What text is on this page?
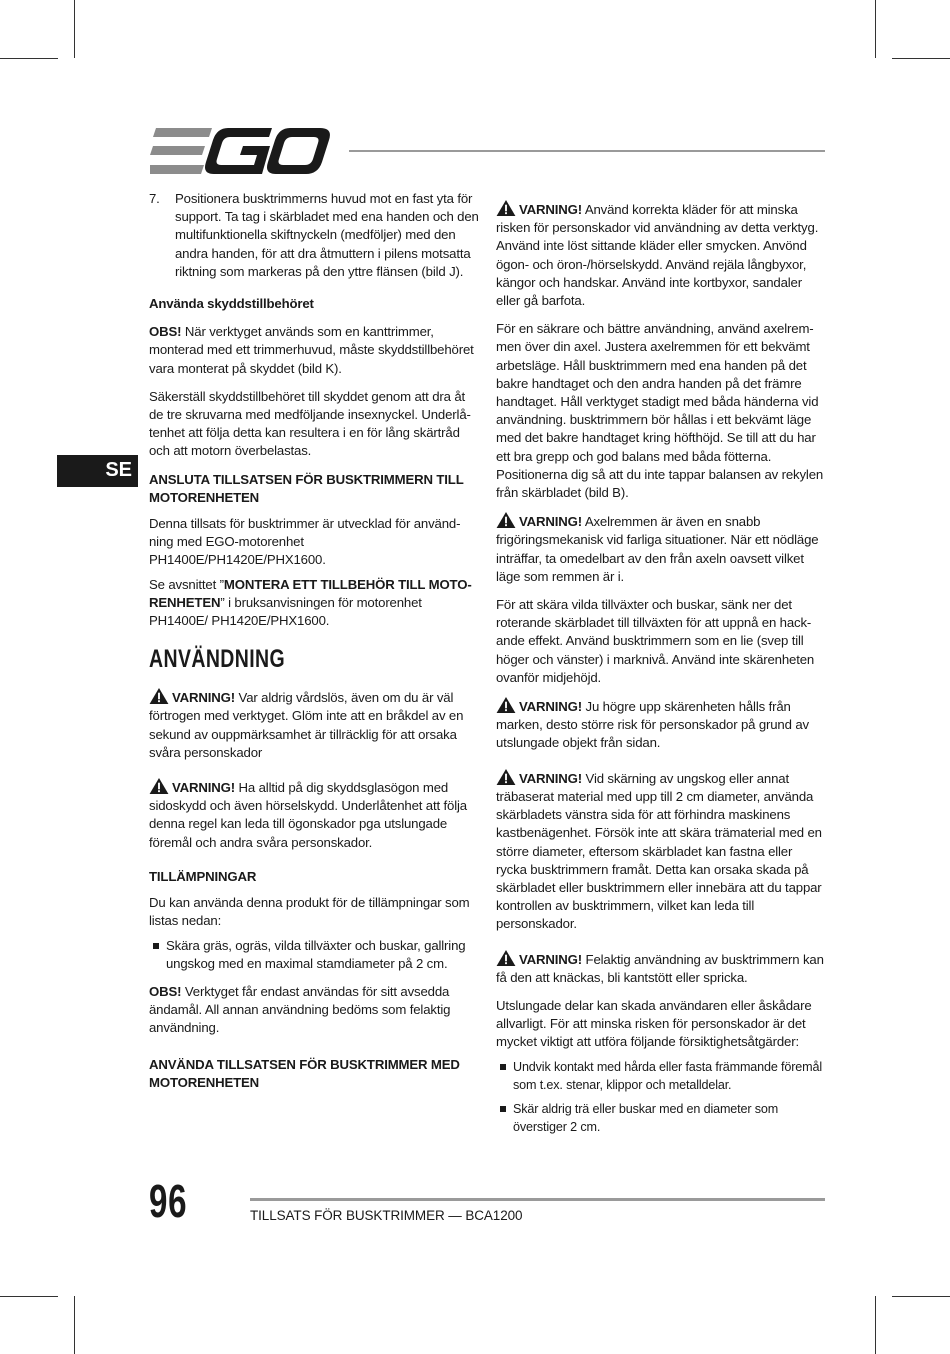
SE
7. Positionera busktrimmerns huvud mot en fast yta för support. Ta tag i skärbladet med ena handen och den multifunktionella skiftnyckeln (medföljer) med den andra handen, för att dra åtmuttern i pilens motsatta riktning som markeras på den yttre flänsen (bild J).
Använda skyddstillbehöret

OBS! När verktyget används som en kanttrimmer, monterad med ett trimmerhuvud, måste skyddstillbehöret vara monterat på skyddet (bild K).

Säkerställ skyddstillbehöret till skyddet genom att dra åt de tre skruvarna med medföljande insexnyckel. Underlå-tenhet att följa detta kan resultera i en för lång skärtråd och att motorn överbelastas.

ANSLUTA TILLSATSEN FÖR BUSKTRIMMERN TILL MOTORENHETEN

Denna tillsats för busktrimmer är utvecklad för använd-ning med EGO-motorenhet PH1400E/PH1420E/PHX1600.

Se avsnittet ”MONTERA ETT TILLBEHÖR TILL MOTO-RENHETEN” i bruksanvisningen för motorenhet PH1400E/ PH1420E/PHX1600.

ANVÄNDNING

VARNING! Var aldrig vårdslös, även om du är väl förtrogen med verktyget. Glöm inte att en bråkdel av en sekund av ouppmärksamhet är tillräcklig för att orsaka svåra personskador

VARNING! Ha alltid på dig skyddsglasögon med sidoskydd och även hörselskydd. Underlåtenhet att följa denna regel kan leda till ögonskador pga utslungade föremål och andra svåra personskador.

TILLÄMPNINGAR

Du kan använda denna produkt för de tillämpningar som listas nedan:

Skära gräs, ogräs, vilda tillväxter och buskar, gallring ungskog med en maximal stamdiameter på 2 cm.

OBS! Verktyget får endast användas för sitt avsedda ändamål. All annan användning bedöms som felaktig användning.

ANVÄNDA TILLSATSEN FÖR BUSKTRIMMER MED MOTORENHETEN

VARNING! Använd korrekta kläder för att minska risken för personskador vid användning av detta verktyg. Använd inte löst sittande kläder eller smycken. Anvönd ögon- och öron-/hörselskydd. Använd rejäla långbyxor, kängor och handskar. Använd inte kortbyxor, sandaler eller gå barfota.

För en säkrare och bättre användning, använd axelrem-men över din axel. Justera axelremmen för ett bekvämt arbetsläge. Håll busktrimmern med ena handen på det bakre handtaget och den andra handen på det främre handtaget. Håll verktyget stadigt med båda händerna vid användning. busktrimmern bör hållas i ett bekvämt läge med det bakre handtaget kring höfthöjd. Se till att du har ett bra grepp och god balans med båda fötterna. Positionerna dig så att du inte tappar balansen av rekylen från skärbladet (bild B).

VARNING! Axelremmen är även en snabb frigöringsmekanisk vid farliga situationer. När ett nödläge inträffar, ta omedelbart av den från axeln oavsett vilket läge som remmen är i.

För att skära vilda tillväxter och buskar, sänk ner det roterande skärbladet till tillväxten för att uppnå en hack-ande effekt. Använd busktrimmern som en lie (svep till höger och vänster) i marknivå. Använd inte skärenheten ovanför midjehöjd.

VARNING! Ju högre upp skärenheten hålls från marken, desto större risk för personskador på grund av utslungade objekt från sidan.

VARNING! Vid skärning av ungskog eller annat träbaserat material med upp till 2 cm diameter, använda skärbladets vänstra sida för att förhindra maskinens kastbenägenhet. Försök inte att skära trämaterial med en större diameter, eftersom skärbladet kan fastna eller rycka busktrimmern framåt. Detta kan orsaka skada på skärbladet eller busktrimmern eller innebära att du tappar kontrollen av busktrimmern, vilket kan leda till personskador.

VARNING! Felaktig användning av busktrimmern kan få den att knäckas, bli kantstött eller spricka.

Utslungade delar kan skada användaren eller åskådare allvarligt. För att minska risken för personskador är det mycket viktigt att utföra följande försiktighetsåtgärder:

Undvik kontakt med hårda eller fasta främmande föremål som t.ex. stenar, klippor och metalldelar.
Skär aldrig trä eller buskar med en diameter som överstiger 2 cm.
96	TILLSATS FÖR BUSKTRIMMER — BCA1200
